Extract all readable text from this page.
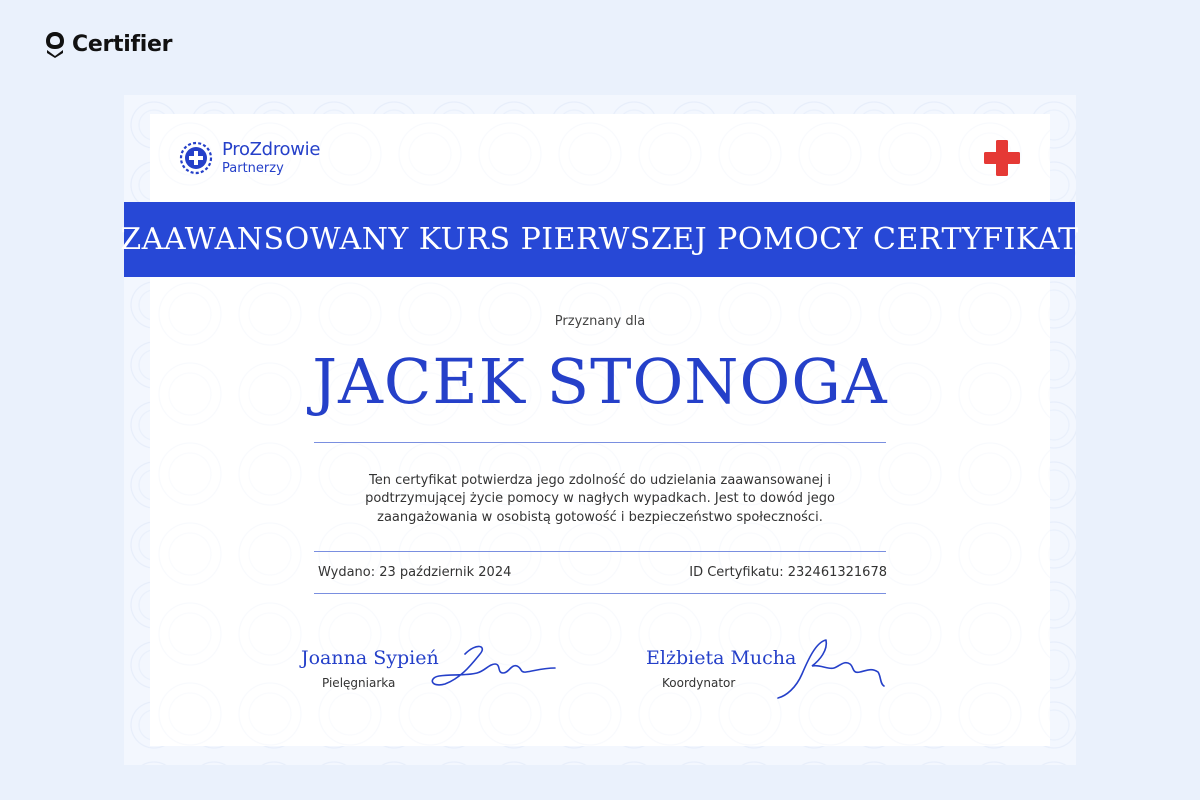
Certifier
ProZdrowie
Partnerzy
ZAAWANSOWANY KURS PIERWSZEJ POMOCY CERTYFIKAT
Przyznany dla
JACEK STONOGA
Ten certyfikat potwierdza jego zdolność do udzielania zaawansowanej i podtrzymującej życie pomocy w nagłych wypadkach. Jest to dowód jego zaangażowania w osobistą gotowość i bezpieczeństwo społeczności.
Wydano: 23 październik 2024	ID Certyfikatu: 232461321678
Joanna Sypień
Pielęgniarka
Elżbieta Mucha
Koordynator
